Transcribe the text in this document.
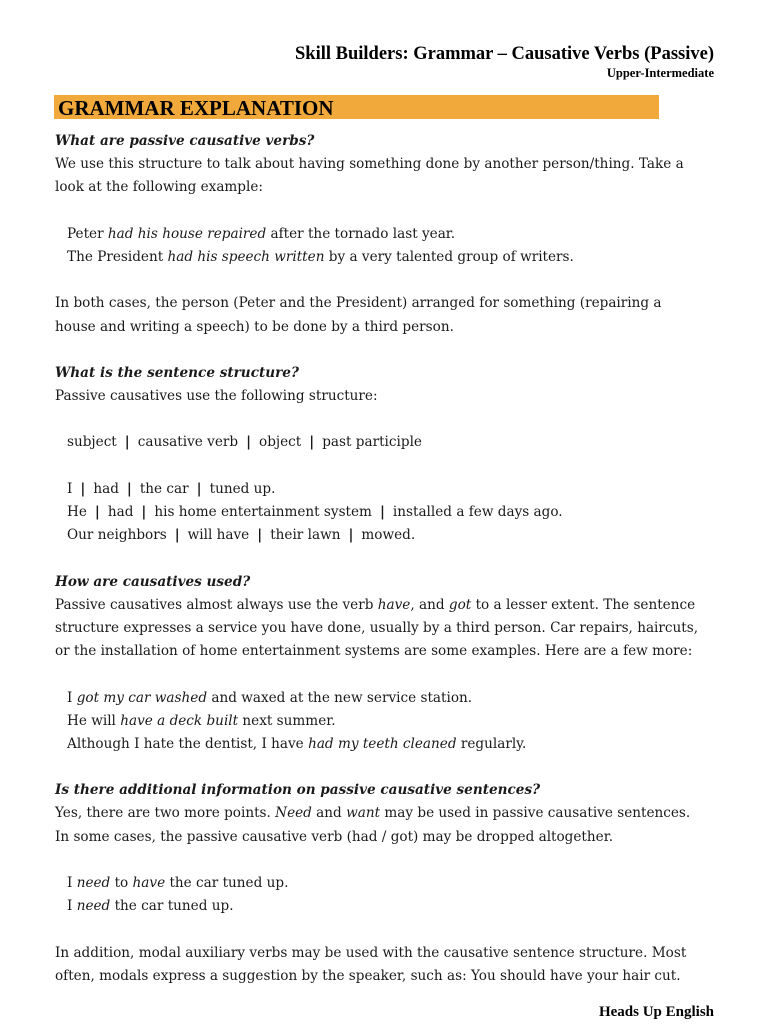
Skill Builders: Grammar – Causative Verbs (Passive)
Upper-Intermediate
GRAMMAR EXPLANATION
What are passive causative verbs?
We use this structure to talk about having something done by another person/thing. Take a
look at the following example:
Peter had his house repaired after the tornado last year.
The President had his speech written by a very talented group of writers.
In both cases, the person (Peter and the President) arranged for something (repairing a
house and writing a speech) to be done by a third person.
What is the sentence structure?
Passive causatives use the following structure:
subject | causative verb | object | past participle
I | had | the car | tuned up.
He | had | his home entertainment system | installed a few days ago.
Our neighbors | will have | their lawn | mowed.
How are causatives used?
Passive causatives almost always use the verb have, and got to a lesser extent. The sentence
structure expresses a service you have done, usually by a third person. Car repairs, haircuts,
or the installation of home entertainment systems are some examples. Here are a few more:
I got my car washed and waxed at the new service station.
He will have a deck built next summer.
Although I hate the dentist, I have had my teeth cleaned regularly.
Is there additional information on passive causative sentences?
Yes, there are two more points. Need and want may be used in passive causative sentences.
In some cases, the passive causative verb (had / got) may be dropped altogether.
I need to have the car tuned up.
I need the car tuned up.
In addition, modal auxiliary verbs may be used with the causative sentence structure. Most
often, modals express a suggestion by the speaker, such as: You should have your hair cut.
Heads Up English
